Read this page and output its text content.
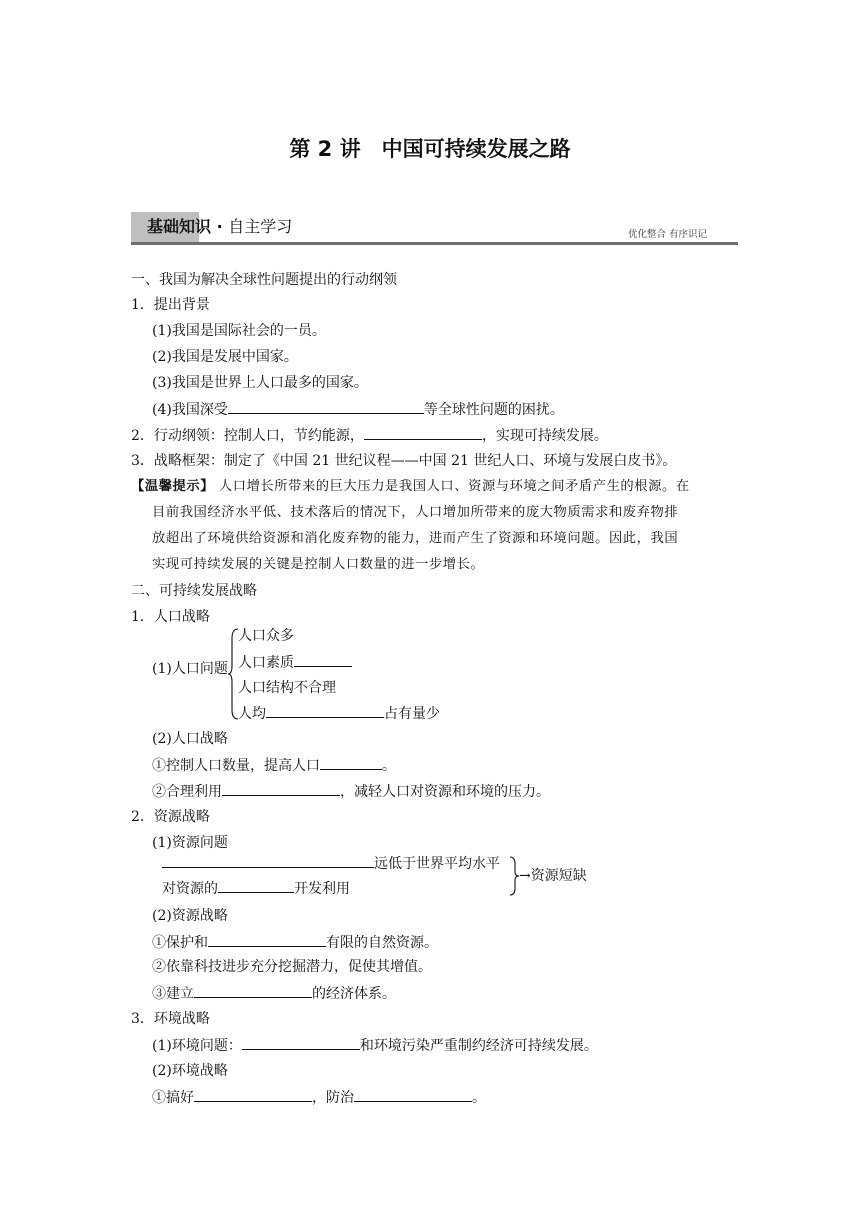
第 2 讲　中国可持续发展之路
基础知识 · 自主学习	优化整合 有序识记
一、我国为解决全球性问题提出的行动纲领
1．提出背景
(1)我国是国际社会的一员。
(2)我国是发展中国家。
(3)我国是世界上人口最多的国家。
(4)我国深受	等全球性问题的困扰。
2．行动纲领：控制人口，节约能源，	，实现可持续发展。
3．战略框架：制定了《中国 21 世纪议程——中国 21 世纪人口、环境与发展白皮书》。
【温馨提示】 人口增长所带来的巨大压力是我国人口、资源与环境之间矛盾产生的根源。在
目前我国经济水平低、技术落后的情况下，人口增加所带来的庞大物质需求和废弃物排
放超出了环境供给资源和消化废弃物的能力，进而产生了资源和环境问题。因此，我国
实现可持续发展的关键是控制人口数量的进一步增长。
二、可持续发展战略
1．人口战略
(1)人口问题
人口众多
人口素质
人口结构不合理
人均	占有量少
(2)人口战略
①控制人口数量，提高人口	。
②合理利用	，减轻人口对资源和环境的压力。
2．资源战略
(1)资源问题
远低于世界平均水平
对资源的	开发利用
→资源短缺
(2)资源战略
①保护和	有限的自然资源。
②依靠科技进步充分挖掘潜力，促使其增值。
③建立	的经济体系。
3．环境战略
(1)环境问题：	和环境污染严重制约经济可持续发展。
(2)环境战略
①搞好	，防治	。
